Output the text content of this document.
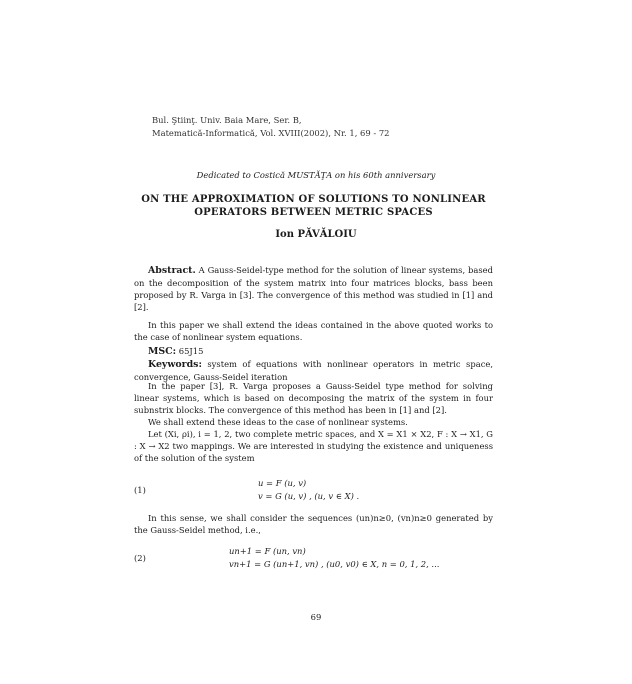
Bul. Ştiinţ. Univ. Baia Mare, Ser. B,
Matematică-Informatică, Vol. XVIII(2002), Nr. 1, 69 - 72
Dedicated to Costică MUSTĂŢA on his 60th anniversary
ON THE APPROXIMATION OF SOLUTIONS TO NONLINEAR
OPERATORS BETWEEN METRIC SPACES
Ion PĂVĂLOIU

Abstract. A Gauss-Seidel-type method for the solution of linear systems, based on the decomposition of the system matrix into four matrices blocks, bass been proposed by R. Varga in [3]. The convergence of this method was studied in [1] and [2].

In this paper we shall extend the ideas contained in the above quoted works to the case of nonlinear system equations.

MSC: 65J15

Keywords: system of equations with nonlinear operators in metric space, convergence, Gauss-Seidel iteration

In the paper [3], R. Varga proposes a Gauss-Seidel type method for solving linear systems, which is based on decomposing the matrix of the system in four subnstrix blocks. The convergence of this method has been in [1] and [2].

We shall extend these ideas to the case of nonlinear systems.

Let (Xi, ρi), i = 1, 2, two complete metric spaces, and X = X1 × X2, F : X → X1, G : X → X2 two mappings. We are interested in studying the existence and uniqueness of the solution of the system

(1)
u = F (u, v)
v = G (u, v) , (u, v ∈ X) .

In this sense, we shall consider the sequences (un)n≥0, (vn)n≥0 generated by the Gauss-Seidel method, i.e.,

(2)
un+1 = F (un, vn)
vn+1 = G (un+1, vn) , (u0, v0) ∈ X, n = 0, 1, 2, ...
69
